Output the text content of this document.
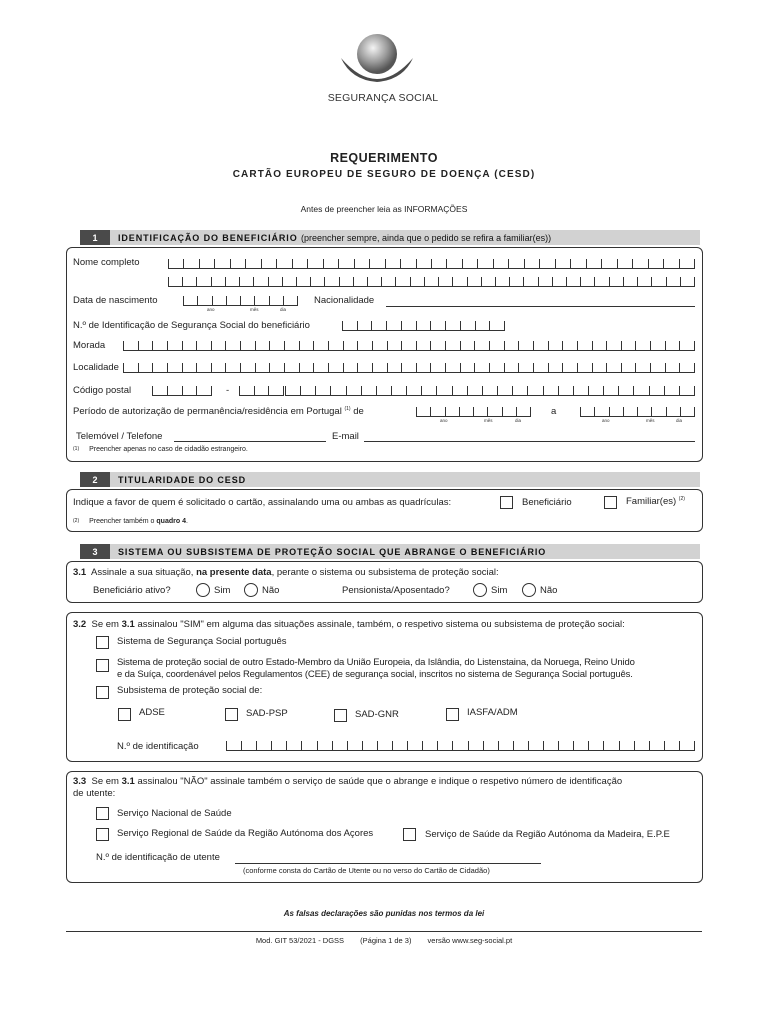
SEGURANÇA SOCIAL
REQUERIMENTO
CARTÃO EUROPEU DE SEGURO DE DOENÇA (CESD)
Antes de preencher leia as INFORMAÇÕES
1	IDENTIFICAÇÃO DO BENEFICIÁRIO (preencher sempre, ainda que o pedido se refira a familiar(es))
Nome completo
Data de nascimento
ano	mês	dia
Nacionalidade
N.º de Identificação de Segurança Social do beneficiário
Morada
Localidade
Código postal	-
Período de autorização de permanência/residência em Portugal $^{(1)}$ de
ano	mês	dia
a
ano	mês	dia
Telemóvel / Telefone	E-mail
$^{(1)}$ Preencher apenas no caso de cidadão estrangeiro.
2	TITULARIDADE DO CESD
Indique a favor de quem é solicitado o cartão, assinalando uma ou ambas as quadrículas:	Beneficiário	Familiar(es) $^{(2)}$
$^{(2)}$ Preencher também o quadro 4.
3	SISTEMA OU SUBSISTEMA DE PROTEÇÃO SOCIAL QUE ABRANGE O BENEFICIÁRIO
3.1 Assinale a sua situação, na presente data, perante o sistema ou subsistema de proteção social:
Beneficiário ativo?	Sim	Não	Pensionista/Aposentado?	Sim	Não
3.2 Se em 3.1 assinalou "SIM" em alguma das situações assinale, também, o respetivo sistema ou subsistema de proteção social:
Sistema de Segurança Social português
Sistema de proteção social de outro Estado-Membro da União Europeia, da Islândia, do Listenstaina, da Noruega, Reino Unido
e da Suíça, coordenável pelos Regulamentos (CEE) de segurança social, inscritos no sistema de Segurança Social português.
Subsistema de proteção social de:
ADSE	SAD-PSP	SAD-GNR	IASFA/ADM
N.º de identificação
3.3 Se em 3.1 assinalou "NÃO" assinale também o serviço de saúde que o abrange e indique o respetivo número de identificação
de utente:
Serviço Nacional de Saúde
Serviço Regional de Saúde da Região Autónoma dos Açores	Serviço de Saúde da Região Autónoma da Madeira, E.P.E
N.º de identificação de utente
(conforme consta do Cartão de Utente ou no verso do Cartão de Cidadão)
As falsas declarações são punidas nos termos da lei
Mod. GIT 53/2021 - DGSS (Página 1 de 3) versão www.seg-social.pt
